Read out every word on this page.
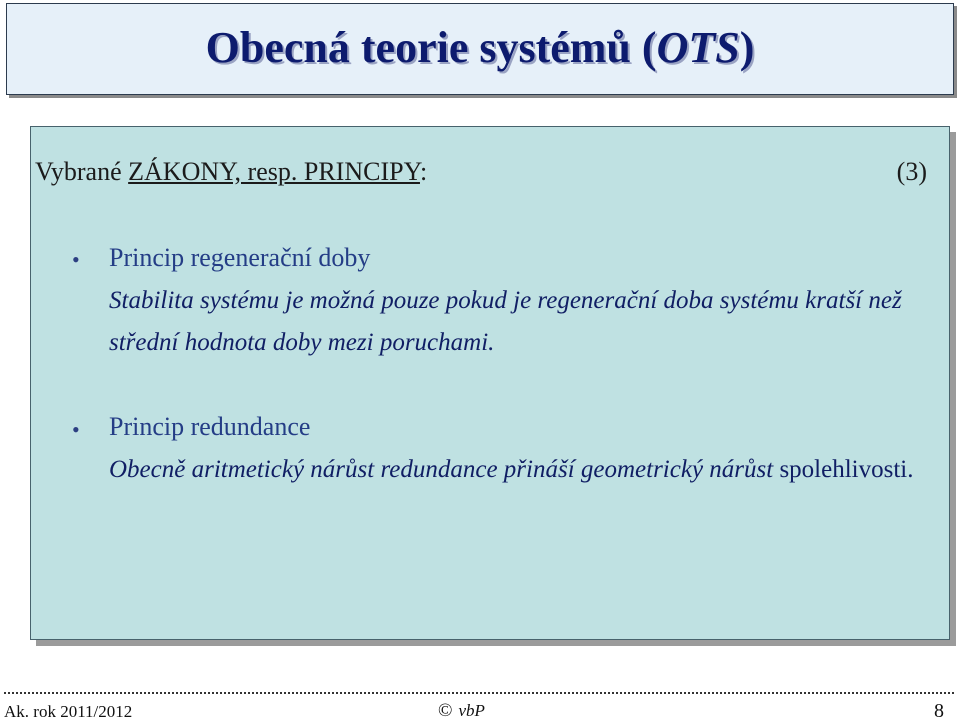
Obecná teorie systémů (OTS)
Vybrané ZÁKONY, resp. PRINCIPY:	(3)
• Princip regenerační doby
Stabilita systému je možná pouze pokud je regenerační doba systému kratší než střední hodnota doby mezi poruchami.
• Princip redundance
Obecně aritmetický nárůst redundance přináší geometrický nárůst spolehlivosti.
Ak. rok 2011/2012	© vbP	8
